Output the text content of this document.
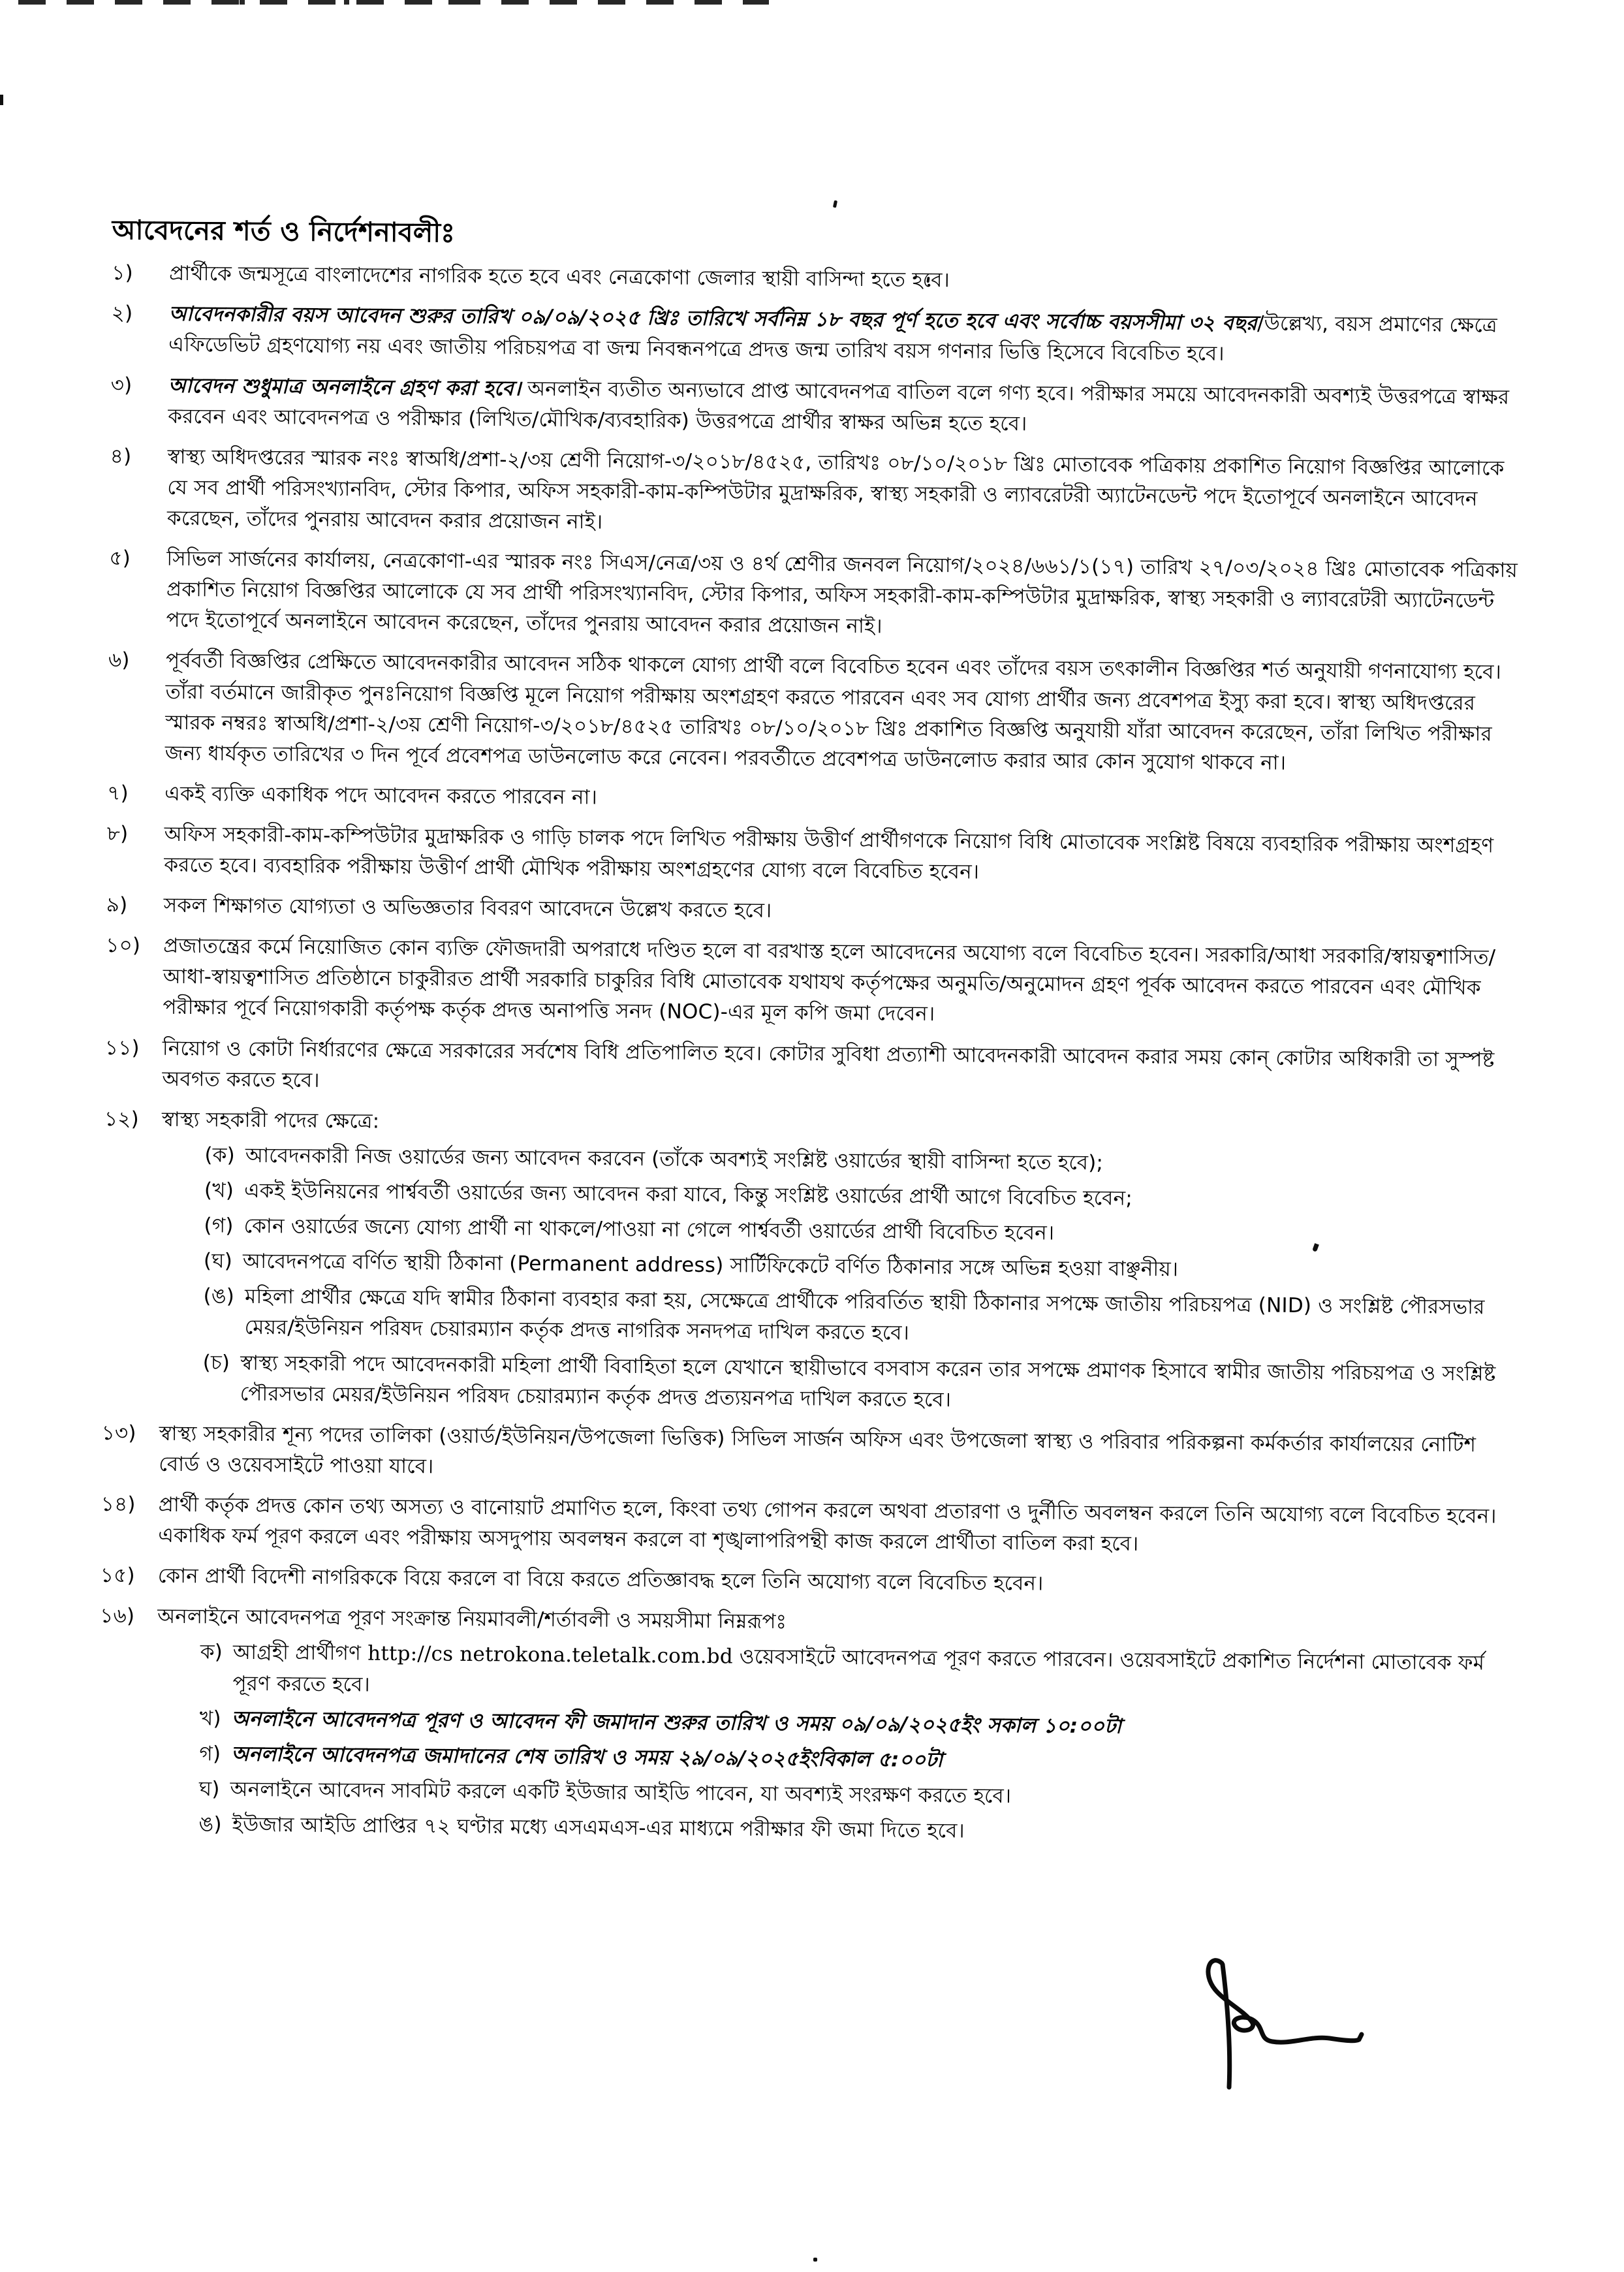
আবেদনের শর্ত ও নির্দেশনাবলীঃ
১)	প্রার্থীকে জন্মসূত্রে বাংলাদেশের নাগরিক হতে হবে এবং নেত্রকোণা জেলার স্থায়ী বাসিন্দা হতে হবে।
২)	আবেদনকারীর বয়স আবেদন শুরুর তারিখ ০৯/০৯/২০২৫ খ্রিঃ তারিখে সর্বনিম্ন ১৮ বছর পূর্ণ হতে হবে এবং সর্বোচ্চ বয়সসীমা ৩২ বছর/উল্লেখ্য, বয়স প্রমাণের ক্ষেত্রে এফিডেভিট গ্রহণযোগ্য নয় এবং জাতীয় পরিচয়পত্র বা জন্ম নিবন্ধনপত্রে প্রদত্ত জন্ম তারিখ বয়স গণনার ভিত্তি হিসেবে বিবেচিত হবে।
৩)	আবেদন শুধুমাত্র অনলাইনে গ্রহণ করা হবে। অনলাইন ব্যতীত অন্যভাবে প্রাপ্ত আবেদনপত্র বাতিল বলে গণ্য হবে। পরীক্ষার সময়ে আবেদনকারী অবশ্যই উত্তরপত্রে স্বাক্ষর করবেন এবং আবেদনপত্র ও পরীক্ষার (লিখিত/মৌখিক/ব্যবহারিক) উত্তরপত্রে প্রার্থীর স্বাক্ষর অভিন্ন হতে হবে।
৪)	স্বাস্থ্য অধিদপ্তরের স্মারক নংঃ স্বাঅধি/প্রশা-২/৩য় শ্রেণী নিয়োগ-৩/২০১৮/৪৫২৫, তারিখঃ ০৮/১০/২০১৮ খ্রিঃ মোতাবেক পত্রিকায় প্রকাশিত নিয়োগ বিজ্ঞপ্তির আলোকে যে সব প্রার্থী পরিসংখ্যানবিদ, স্টোর কিপার, অফিস সহকারী-কাম-কম্পিউটার মুদ্রাক্ষরিক, স্বাস্থ্য সহকারী ও ল্যাবরেটরী অ্যাটেনডেন্ট পদে ইতোপূর্বে অনলাইনে আবেদন করেছেন, তাঁদের পুনরায় আবেদন করার প্রয়োজন নাই।
৫)	সিভিল সার্জনের কার্যালয়, নেত্রকোণা-এর স্মারক নংঃ সিএস/নেত্র/৩য় ও ৪র্থ শ্রেণীর জনবল নিয়োগ/২০২৪/৬৬১/১(১৭) তারিখ ২৭/০৩/২০২৪ খ্রিঃ মোতাবেক পত্রিকায় প্রকাশিত নিয়োগ বিজ্ঞপ্তির আলোকে যে সব প্রার্থী পরিসংখ্যানবিদ, স্টোর কিপার, অফিস সহকারী-কাম-কম্পিউটার মুদ্রাক্ষরিক, স্বাস্থ্য সহকারী ও ল্যাবরেটরী অ্যাটেনডেন্ট পদে ইতোপূর্বে অনলাইনে আবেদন করেছেন, তাঁদের পুনরায় আবেদন করার প্রয়োজন নাই।
৬)	পূর্ববর্তী বিজ্ঞপ্তির প্রেক্ষিতে আবেদনকারীর আবেদন সঠিক থাকলে যোগ্য প্রার্থী বলে বিবেচিত হবেন এবং তাঁদের বয়স তৎকালীন বিজ্ঞপ্তির শর্ত অনুযায়ী গণনাযোগ্য হবে। তাঁরা বর্তমানে জারীকৃত পুনঃনিয়োগ বিজ্ঞপ্তি মূলে নিয়োগ পরীক্ষায় অংশগ্রহণ করতে পারবেন এবং সব যোগ্য প্রার্থীর জন্য প্রবেশপত্র ইস্যু করা হবে। স্বাস্থ্য অধিদপ্তরের স্মারক নম্বরঃ স্বাঅধি/প্রশা-২/৩য় শ্রেণী নিয়োগ-৩/২০১৮/৪৫২৫ তারিখঃ ০৮/১০/২০১৮ খ্রিঃ প্রকাশিত বিজ্ঞপ্তি অনুযায়ী যাঁরা আবেদন করেছেন, তাঁরা লিখিত পরীক্ষার জন্য ধার্যকৃত তারিখের ৩ দিন পূর্বে প্রবেশপত্র ডাউনলোড করে নেবেন। পরবর্তীতে প্রবেশপত্র ডাউনলোড করার আর কোন সুযোগ থাকবে না।
৭)	একই ব্যক্তি একাধিক পদে আবেদন করতে পারবেন না।
৮)	অফিস সহকারী-কাম-কম্পিউটার মুদ্রাক্ষরিক ও গাড়ি চালক পদে লিখিত পরীক্ষায় উত্তীর্ণ প্রার্থীগণকে নিয়োগ বিধি মোতাবেক সংশ্লিষ্ট বিষয়ে ব্যবহারিক পরীক্ষায় অংশগ্রহণ করতে হবে। ব্যবহারিক পরীক্ষায় উত্তীর্ণ প্রার্থী মৌখিক পরীক্ষায় অংশগ্রহণের যোগ্য বলে বিবেচিত হবেন।
৯)	সকল শিক্ষাগত যোগ্যতা ও অভিজ্ঞতার বিবরণ আবেদনে উল্লেখ করতে হবে।
১০)	প্রজাতন্ত্রের কর্মে নিয়োজিত কোন ব্যক্তি ফৌজদারী অপরাধে দণ্ডিত হলে বা বরখাস্ত হলে আবেদনের অযোগ্য বলে বিবেচিত হবেন। সরকারি/আধা সরকারি/স্বায়ত্বশাসিত/আধা-স্বায়ত্বশাসিত প্রতিষ্ঠানে চাকুরীরত প্রার্থী সরকারি চাকুরির বিধি মোতাবেক যথাযথ কর্তৃপক্ষের অনুমতি/অনুমোদন গ্রহণ পূর্বক আবেদন করতে পারবেন এবং মৌখিক পরীক্ষার পূর্বে নিয়োগকারী কর্তৃপক্ষ কর্তৃক প্রদত্ত অনাপত্তি সনদ (NOC)-এর মূল কপি জমা দেবেন।
১১)	নিয়োগ ও কোটা নির্ধারণের ক্ষেত্রে সরকারের সর্বশেষ বিধি প্রতিপালিত হবে। কোটার সুবিধা প্রত্যাশী আবেদনকারী আবেদন করার সময় কোন্ কোটার অধিকারী তা সুস্পষ্ট অবগত করতে হবে।
১২)	স্বাস্থ্য সহকারী পদের ক্ষেত্রে:
(ক) আবেদনকারী নিজ ওয়ার্ডের জন্য আবেদন করবেন (তাঁকে অবশ্যই সংশ্লিষ্ট ওয়ার্ডের স্থায়ী বাসিন্দা হতে হবে);
(খ) একই ইউনিয়নের পার্শ্ববর্তী ওয়ার্ডের জন্য আবেদন করা যাবে, কিন্তু সংশ্লিষ্ট ওয়ার্ডের প্রার্থী আগে বিবেচিত হবেন;
(গ) কোন ওয়ার্ডের জন্যে যোগ্য প্রার্থী না থাকলে/পাওয়া না গেলে পার্শ্ববর্তী ওয়ার্ডের প্রার্থী বিবেচিত হবেন।
(ঘ) আবেদনপত্রে বর্ণিত স্থায়ী ঠিকানা (Permanent address) সার্টিফিকেটে বর্ণিত ঠিকানার সঙ্গে অভিন্ন হওয়া বাঞ্ছনীয়।
(ঙ) মহিলা প্রার্থীর ক্ষেত্রে যদি স্বামীর ঠিকানা ব্যবহার করা হয়, সেক্ষেত্রে প্রার্থীকে পরিবর্তিত স্থায়ী ঠিকানার সপক্ষে জাতীয় পরিচয়পত্র (NID) ও সংশ্লিষ্ট পৌরসভার মেয়র/ইউনিয়ন পরিষদ চেয়ারম্যান কর্তৃক প্রদত্ত নাগরিক সনদপত্র দাখিল করতে হবে।
(চ) স্বাস্থ্য সহকারী পদে আবেদনকারী মহিলা প্রার্থী বিবাহিতা হলে যেখানে স্থায়ীভাবে বসবাস করেন তার সপক্ষে প্রমাণক হিসাবে স্বামীর জাতীয় পরিচয়পত্র ও সংশ্লিষ্ট পৌরসভার মেয়র/ইউনিয়ন পরিষদ চেয়ারম্যান কর্তৃক প্রদত্ত প্রত্যয়নপত্র দাখিল করতে হবে।
১৩)	স্বাস্থ্য সহকারীর শূন্য পদের তালিকা (ওয়ার্ড/ইউনিয়ন/উপজেলা ভিত্তিক) সিভিল সার্জন অফিস এবং উপজেলা স্বাস্থ্য ও পরিবার পরিকল্পনা কর্মকর্তার কার্যালয়ের নোটিশ বোর্ড ও ওয়েবসাইটে পাওয়া যাবে।
১৪)	প্রার্থী কর্তৃক প্রদত্ত কোন তথ্য অসত্য ও বানোয়াট প্রমাণিত হলে, কিংবা তথ্য গোপন করলে অথবা প্রতারণা ও দুর্নীতি অবলম্বন করলে তিনি অযোগ্য বলে বিবেচিত হবেন। একাধিক ফর্ম পূরণ করলে এবং পরীক্ষায় অসদুপায় অবলম্বন করলে বা শৃঙ্খলাপরিপন্থী কাজ করলে প্রার্থীতা বাতিল করা হবে।
১৫)	কোন প্রার্থী বিদেশী নাগরিককে বিয়ে করলে বা বিয়ে করতে প্রতিজ্ঞাবদ্ধ হলে তিনি অযোগ্য বলে বিবেচিত হবেন।
১৬)	অনলাইনে আবেদনপত্র পূরণ সংক্রান্ত নিয়মাবলী/শর্তাবলী ও সময়সীমা নিম্নরূপঃ
ক) আগ্রহী প্রার্থীগণ http://cs netrokona.teletalk.com.bd ওয়েবসাইটে আবেদনপত্র পূরণ করতে পারবেন। ওয়েবসাইটে প্রকাশিত নির্দেশনা মোতাবেক ফর্ম পূরণ করতে হবে।
খ) অনলাইনে আবেদনপত্র পূরণ ও আবেদন ফী জমাদান শুরুর তারিখ ও সময় ০৯/০৯/২০২৫ইং সকাল ১০:০০টা
গ) অনলাইনে আবেদনপত্র জমাদানের শেষ তারিখ ও সময় ২৯/০৯/২০২৫ইংবিকাল ৫:০০টা
ঘ) অনলাইনে আবেদন সাবমিট করলে একটি ইউজার আইডি পাবেন, যা অবশ্যই সংরক্ষণ করতে হবে।
ঙ) ইউজার আইডি প্রাপ্তির ৭২ ঘণ্টার মধ্যে এসএমএস-এর মাধ্যমে পরীক্ষার ফী জমা দিতে হবে।
